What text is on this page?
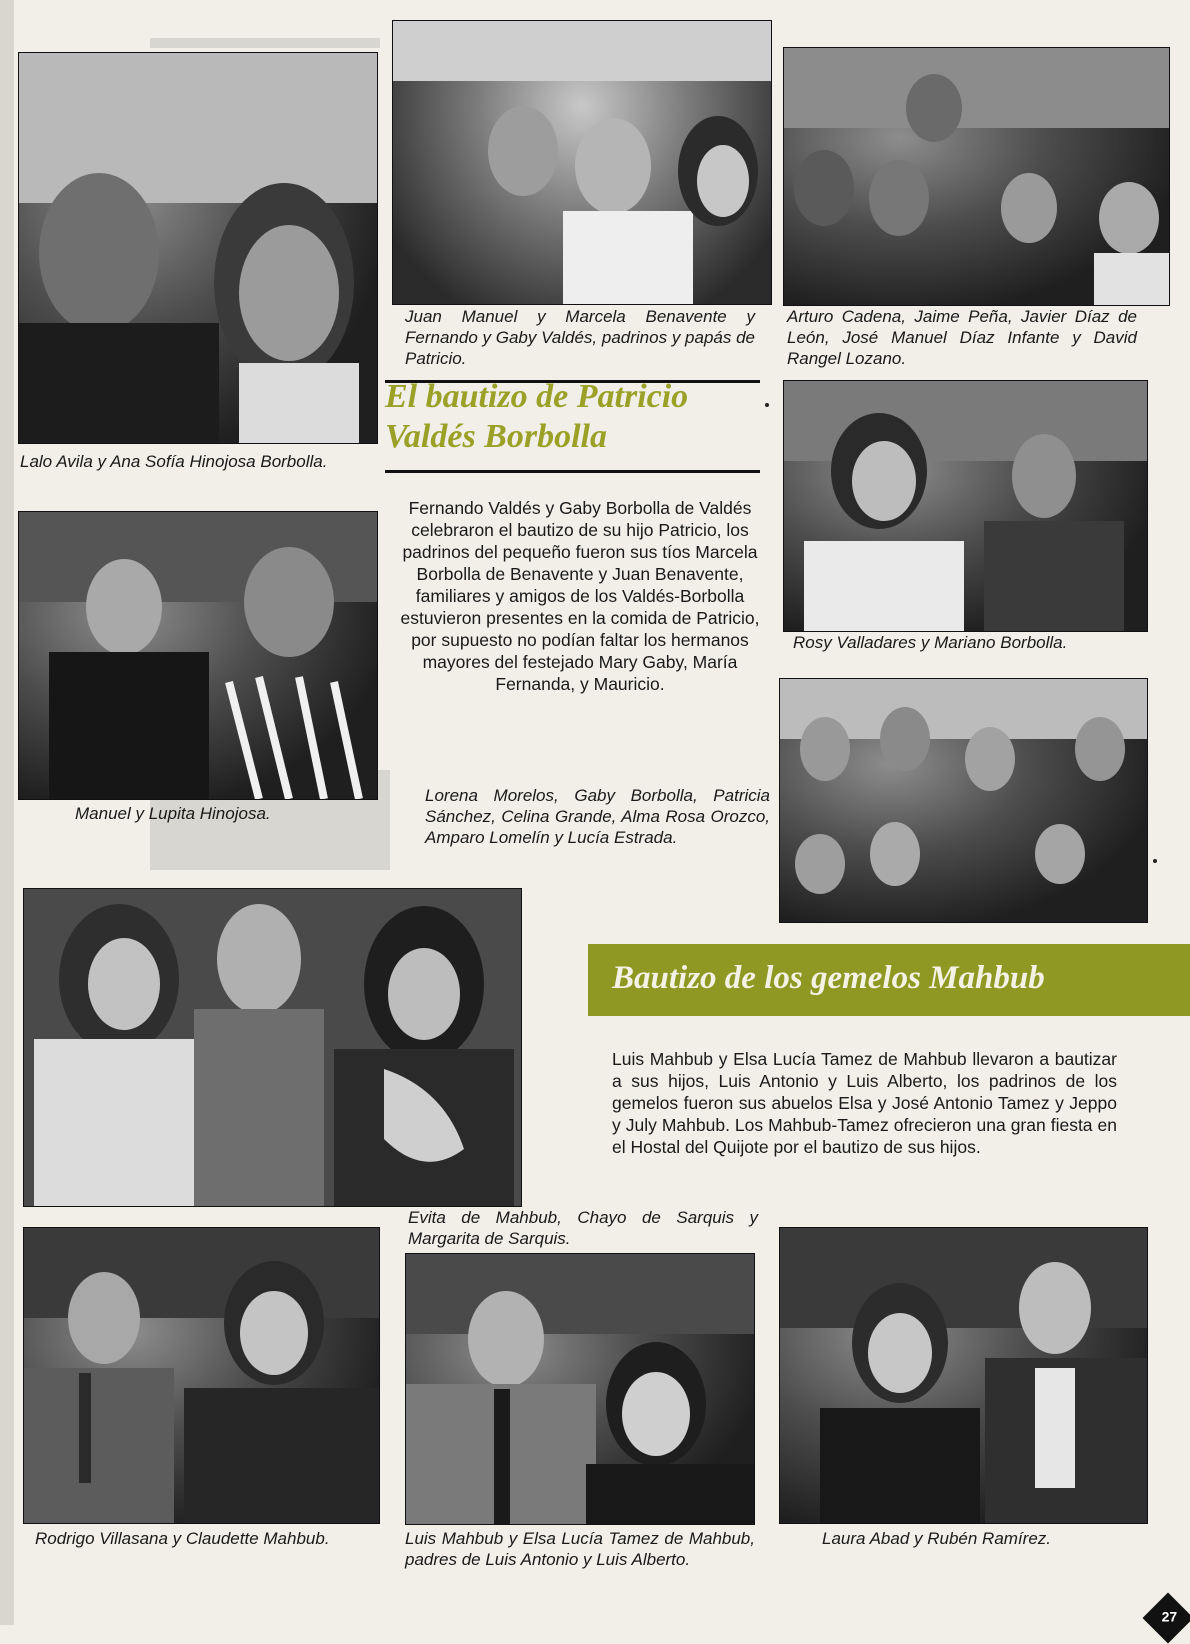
Lalo Avila y Ana Sofía Hinojosa Borbolla.

Manuel y Lupita Hinojosa.

Juan Manuel y Marcela Benavente y Fernando y Gaby Valdés, padrinos y papás de Patricio.

El bautizo de Patricio Valdés Borbolla

Fernando Valdés y Gaby Borbolla de Valdés celebraron el bautizo de su hijo Patricio, los padrinos del pequeño fueron sus tíos Marcela Borbolla de Benavente y Juan Benavente, familiares y amigos de los Valdés-Borbolla estuvieron presentes en la comida de Patricio, por supuesto no podían faltar los hermanos mayores del festejado Mary Gaby, María Fernanda, y Mauricio.

Lorena Morelos, Gaby Borbolla, Patricia Sánchez, Celina Grande, Alma Rosa Orozco, Amparo Lomelín y Lucía Estrada.

Arturo Cadena, Jaime Peña, Javier Díaz de León, José Manuel Díaz Infante y David Rangel Lozano.

Rosy Valladares y Mariano Borbolla.

Evita de Mahbub, Chayo de Sarquis y Margarita de Sarquis.

Bautizo de los gemelos Mahbub

Luis Mahbub y Elsa Lucía Tamez de Mahbub llevaron a bautizar a sus hijos, Luis Antonio y Luis Alberto, los padrinos de los gemelos fueron sus abuelos Elsa y José Antonio Tamez y Jeppo y July Mahbub. Los Mahbub-Tamez ofrecieron una gran fiesta en el Hostal del Quijote por el bautizo de sus hijos.

Rodrigo Villasana y Claudette Mahbub.	Luis Mahbub y Elsa Lucía Tamez de Mahbub, padres de Luis Antonio y Luis Alberto.

Laura Abad y Rubén Ramírez.

27
